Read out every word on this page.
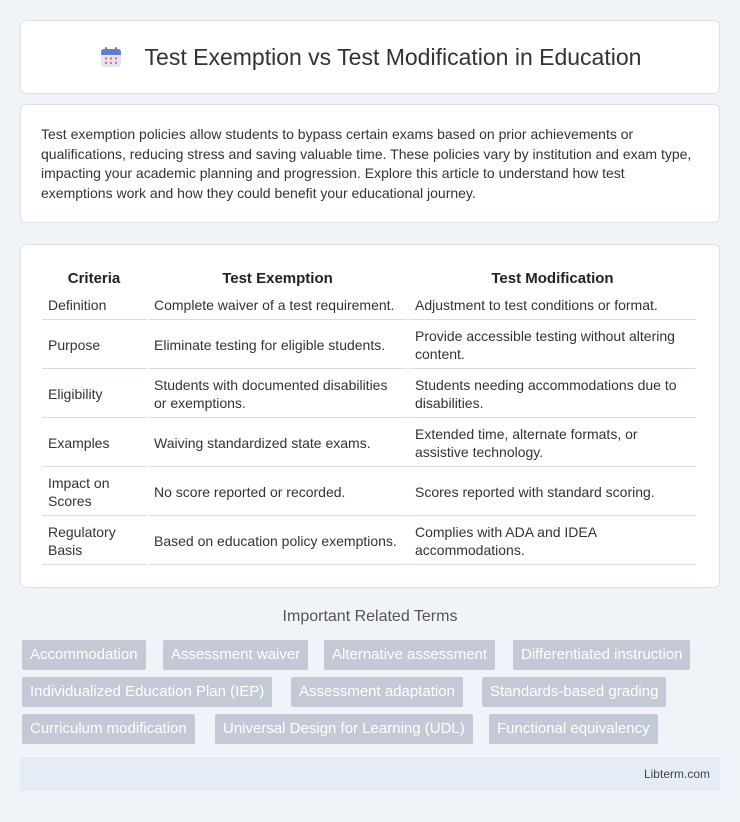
Test Exemption vs Test Modification in Education

Test exemption policies allow students to bypass certain exams based on prior achievements or qualifications, reducing stress and saving valuable time. These policies vary by institution and exam type, impacting your academic planning and progression. Explore this article to understand how test exemptions work and how they could benefit your educational journey.

Criteria	Test Exemption	Test Modification
Definition	Complete waiver of a test requirement.	Adjustment to test conditions or format.
Purpose	Eliminate testing for eligible students.	Provide accessible testing without altering content.
Eligibility	Students with documented disabilities or exemptions.	Students needing accommodations due to disabilities.
Examples	Waiving standardized state exams.	Extended time, alternate formats, or assistive technology.
Impact on Scores	No score reported or recorded.	Scores reported with standard scoring.
Regulatory Basis	Based on education policy exemptions.	Complies with ADA and IDEA accommodations.
Important Related Terms
Accommodation	Assessment waiver	Alternative assessment	Differentiated instruction
Individualized Education Plan (IEP)	Assessment adaptation	Standards-based grading
Curriculum modification	Universal Design for Learning (UDL)	Functional equivalency
Libterm.com
